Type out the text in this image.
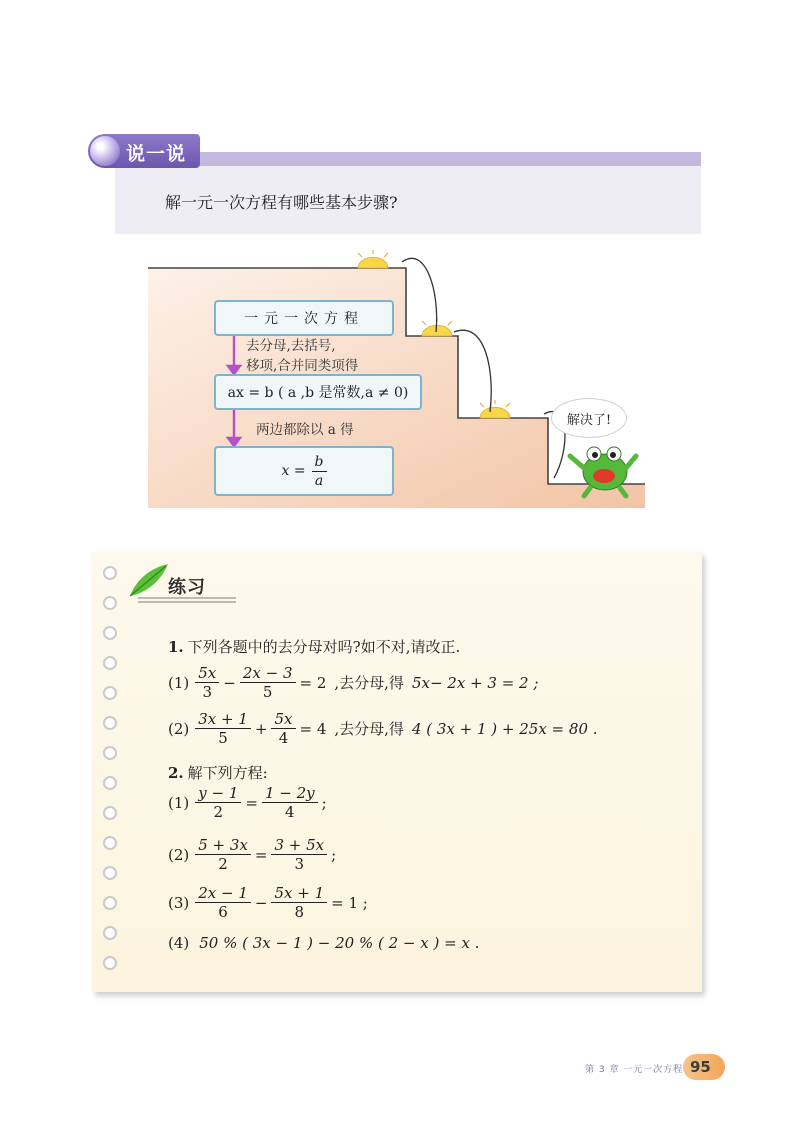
说一说
解一元一次方程有哪些基本步骤?
一元一次方程
去分母,去括号,
移项,合并同类项得
ax = b ( a ,b 是常数,a ≠ 0)
两边都除以 a 得
$x = \frac{b}{a}$
解决了!
练习
1. 下列各题中的去分母对吗?如不对,请改正.
$(1) \frac{5x}{3} - \frac{2x - 3}{5} = 2$ ,去分母,得 5x− 2x + 3 = 2 ;
$(2) \frac{3x + 1}{5} + \frac{5x}{4} = 4$ ,去分母,得 4 ( 3x + 1 ) + 25x = 80 .
2. 解下列方程:
$(1) \frac{y - 1}{2} = \frac{1 - 2y}{4}$ ;
$(2) \frac{5 + 3x}{2} = \frac{3 + 5x}{3}$ ;
$(3) \frac{2x - 1}{6} - \frac{5x + 1}{8} = 1$ ;
(4) 50 % ( 3x − 1 ) − 20 % ( 2 − x ) = x .
第 3 章 一元一次方程 95
